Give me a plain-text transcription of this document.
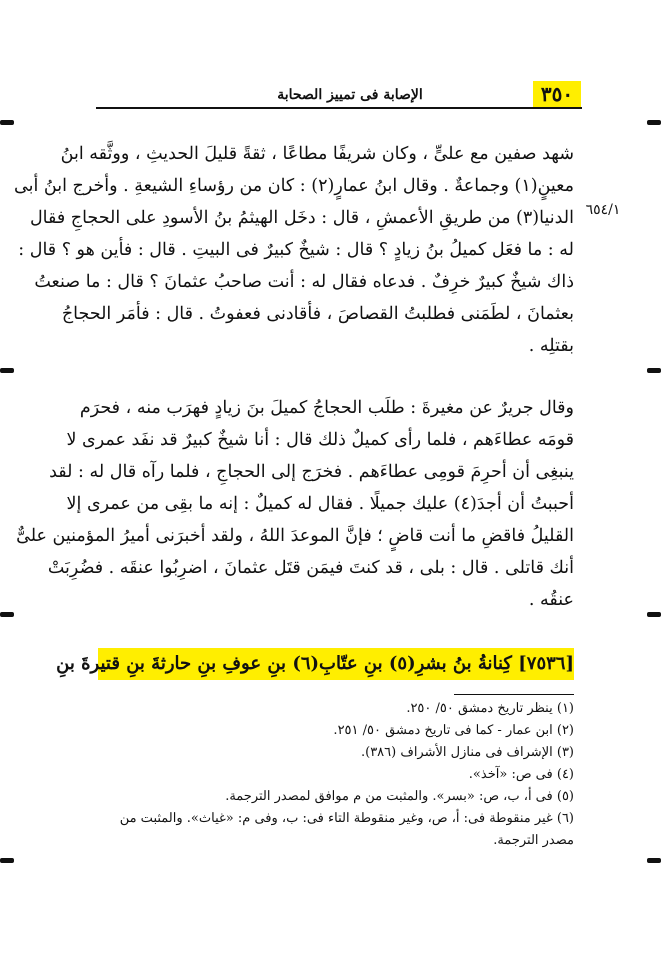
٣٥٠
الإصابة فى تمييز الصحابة
٦٥٤/١
شهد صفين مع علىٍّ ، وكان شريفًا مطاعًا ، ثقةً قليلَ الحديثِ ، ووثَّقه ابنُ
معينٍ(١) وجماعةٌ . وقال ابنُ عمارٍ(٢) : كان من رؤساءِ الشيعةِ . وأخرج ابنُ أبى
الدنيا(٣) من طريقِ الأعمشِ ، قال : دخَل الهيثمُ بنُ الأسودِ على الحجاجِ فقال
له : ما فعَل كميلُ بنُ زيادٍ ؟ قال : شيخٌ كبيرٌ فى البيتِ . قال : فأين هو ؟ قال :
ذاك شيخٌ كبيرٌ خرِفٌ . فدعاه فقال له : أنت صاحبُ عثمانَ ؟ قال : ما صنعتُ
بعثمانَ ، لطَمَنى فطلبتُ القصاصَ ، فأقادنى فعفوتُ . قال : فأمَر الحجاجُ
بقتلِه .
وقال جريرٌ عن مغيرةَ : طلَب الحجاجُ كميلَ بنَ زيادٍ فهرَب منه ، فحرَم
قومَه عطاءَهم ، فلما رأى كميلٌ ذلك قال : أنا شيخٌ كبيرٌ قد نفَد عمرى لا
ينبغِى أن أحرِمَ قومِى عطاءَهم . فخرَج إلى الحجاجِ ، فلما رآه قال له : لقد
أحببتُ أن أجدَ(٤) عليك جميلًا . فقال له كميلٌ : إنه ما بقِى من عمرى إلا
القليلُ فاقضِ ما أنت قاضٍ ؛ فإنَّ الموعدَ اللهُ ، ولقد أخبرَنى أميرُ المؤمنين علىٌّ
أنك قاتلى . قال : بلى ، قد كنتَ فيمَن قتَل عثمانَ ، اضرِبُوا عنقَه . فضُرِبَتْ
عنقُه .
[٧٥٣٦] كِنانةُ بنُ بشرِ(٥) بنِ عتّابِ(٦) بنِ عوفِ بنِ حارثةَ بنِ قتيرةَ بنِ
(١) ينظر تاريخ دمشق ٥٠/ ٢٥٠.
(٢) ابن عمار - كما فى تاريخ دمشق ٥٠/ ٢٥١.
(٣) الإشراف فى منازل الأشراف (٣٨٦).
(٤) فى ص: «آخذ».
(٥) فى أ، ب، ص: «بسر». والمثبت من م موافق لمصدر الترجمة.
(٦) غير منقوطة فى: أ، ص، وغير منقوطة التاء فى: ب، وفى م: «غياث». والمثبت من
مصدر الترجمة.
